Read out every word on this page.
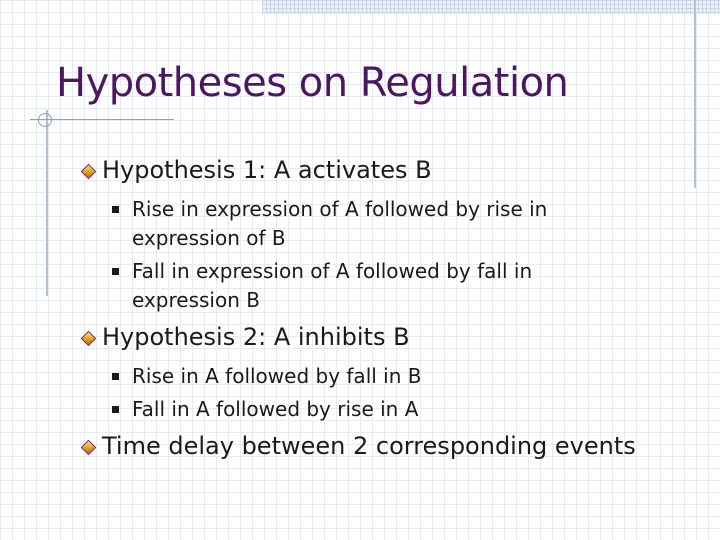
Hypotheses on Regulation
Hypothesis 1: A activates B
Rise in expression of A followed by rise in expression of B
Fall in expression of A followed by fall in expression B
Hypothesis 2: A inhibits B
Rise in A followed by fall in B
Fall in A followed by rise in A
Time delay between 2 corresponding events
